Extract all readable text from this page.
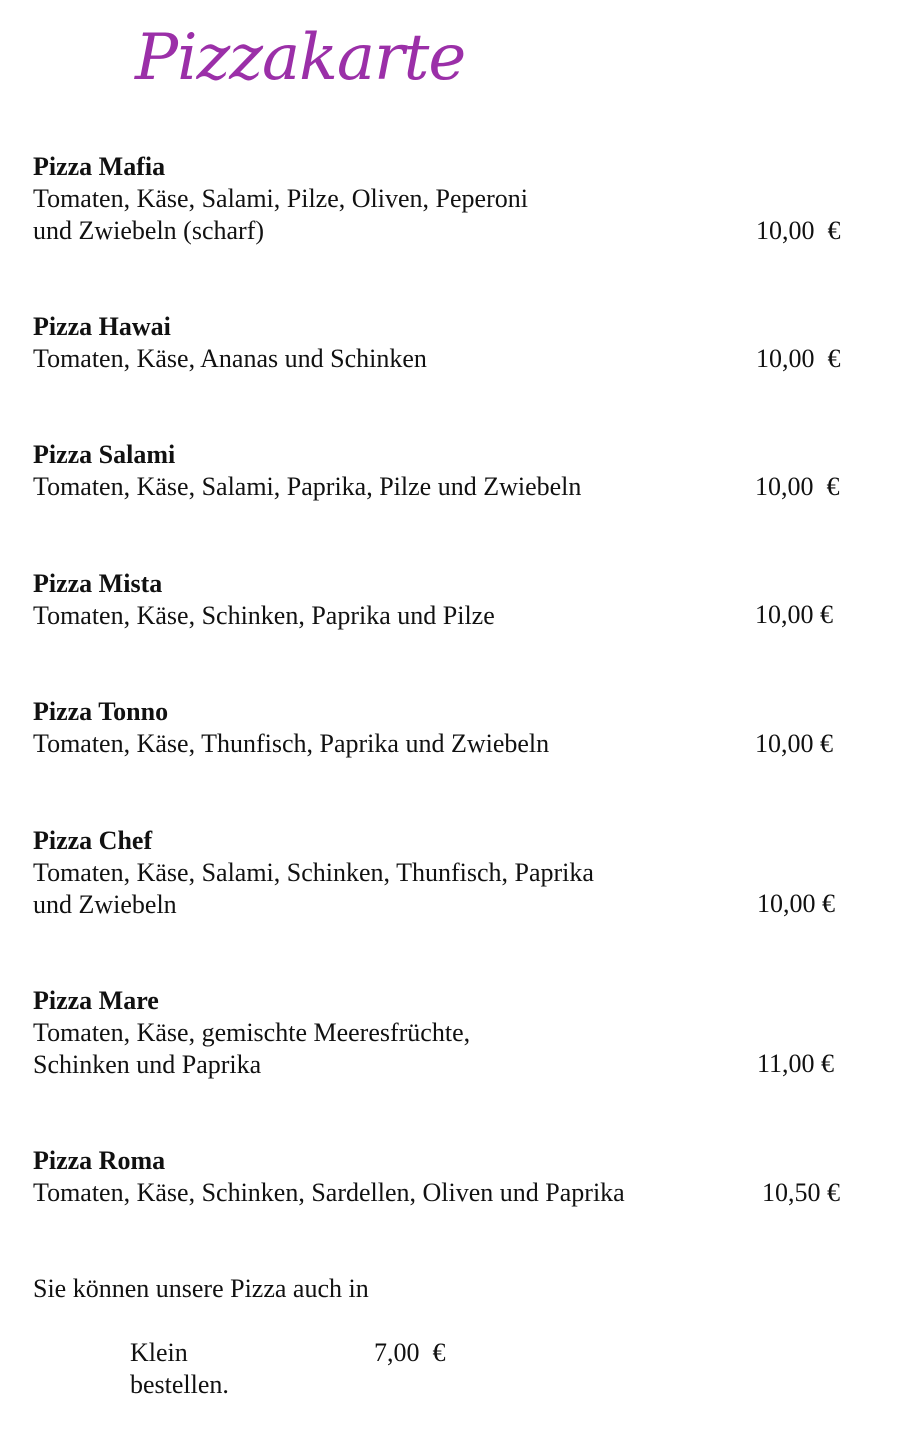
Pizzakarte
Pizza Mafia
Tomaten, Käse, Salami, Pilze, Oliven, Peperoni
und Zwiebeln (scharf)	10,00  €
Pizza Hawai
Tomaten, Käse, Ananas und Schinken	10,00  €
Pizza Salami
Tomaten, Käse, Salami, Paprika, Pilze und Zwiebeln	10,00  €
Pizza Mista
Tomaten, Käse, Schinken, Paprika und Pilze	10,00 €
Pizza Tonno
Tomaten, Käse, Thunfisch, Paprika und Zwiebeln	10,00 €
Pizza Chef
Tomaten, Käse, Salami, Schinken, Thunfisch, Paprika
und Zwiebeln	10,00 €
Pizza Mare
Tomaten, Käse, gemischte Meeresfrüchte,
Schinken und Paprika	11,00 €
Pizza Roma
Tomaten, Käse, Schinken, Sardellen, Oliven und Paprika	10,50 €
Sie können unsere Pizza auch in
Klein	7,00  €
bestellen.
